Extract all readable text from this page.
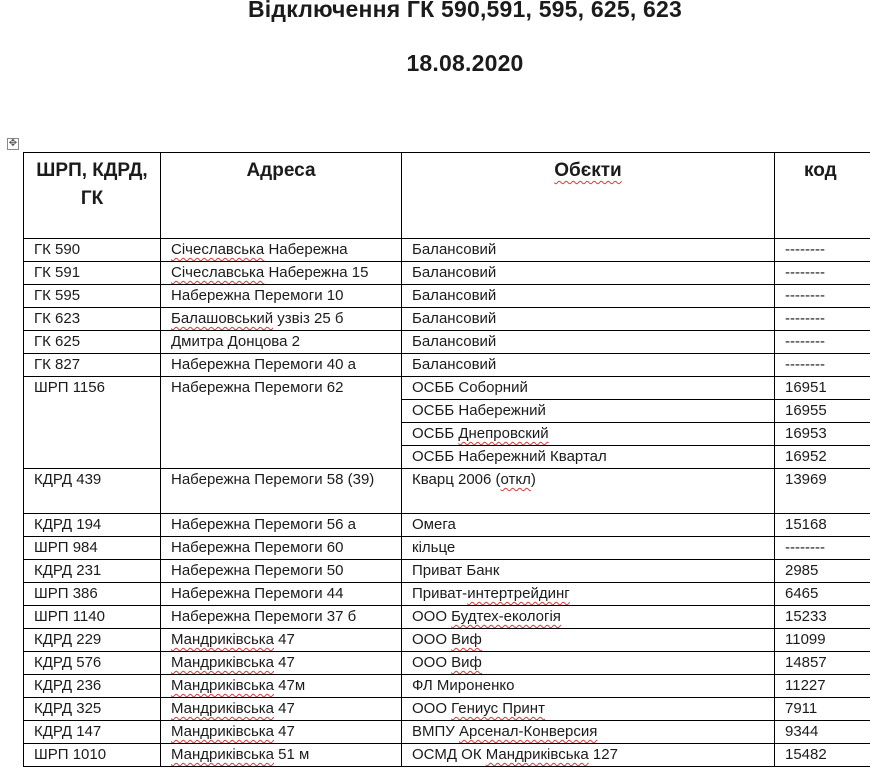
Відключення ГК 590,591, 595, 625, 623
18.08.2020
✥
ШРП, КДРД, ГК	Адреса	Обєкти	код
ГК 590	Січеславська Набережна	Балансовий	--------
ГК 591	Січеславська Набережна 15	Балансовий	--------
ГК 595	Набережна Перемоги 10	Балансовий	--------
ГК 623	Балашовський узвіз 25 б	Балансовий	--------
ГК 625	Дмитра Донцова 2	Балансовий	--------
ГК 827	Набережна Перемоги 40 а	Балансовий	--------
ШРП 1156	Набережна Перемоги 62	ОСББ Соборний	16951
		ОСББ Набережний	16955
		ОСББ Днепровский	16953
		ОСББ Набережний Квартал	16952
КДРД 439	Набережна Перемоги 58 (39)	Кварц 2006 (откл)	13969
КДРД 194	Набережна Перемоги 56 а	Омега	15168
ШРП 984	Набережна Перемоги 60	кільце	--------
КДРД 231	Набережна Перемоги 50	Приват Банк	2985
ШРП 386	Набережна Перемоги 44	Приват-интертрейдинг	6465
ШРП 1140	Набережна Перемоги 37 б	ООО Будтех-екологія	15233
КДРД 229	Мандриківська 47	ООО Виф	11099
КДРД 576	Мандриківська 47	ООО Виф	14857
КДРД 236	Мандриківська 47м	ФЛ Мироненко	11227
КДРД 325	Мандриківська 47	ООО Гениус Принт	7911
КДРД 147	Мандриківська 47	ВМПУ Арсенал-Конверсия	9344
ШРП 1010	Мандриківська 51 м	ОСМД ОК Мандриківська 127	15482
